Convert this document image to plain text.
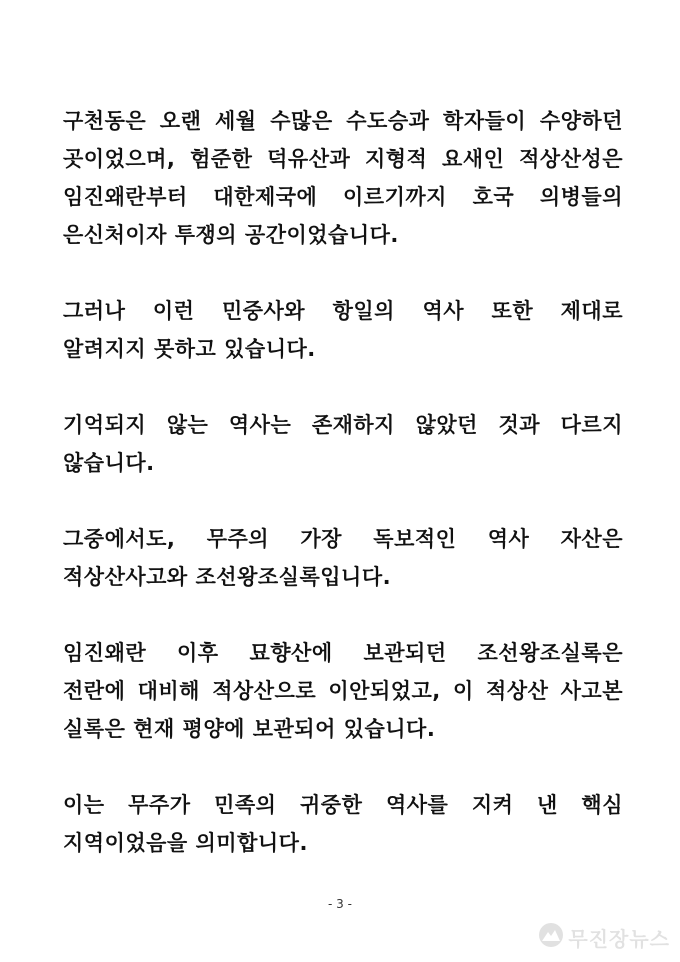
구천동은 오랜 세월 수많은 수도승과 학자들이 수양하던
곳이었으며, 험준한 덕유산과 지형적 요새인 적상산성은
임진왜란부터 대한제국에 이르기까지 호국 의병들의
은신처이자 투쟁의 공간이었습니다.
그러나 이런 민중사와 항일의 역사 또한 제대로
알려지지 못하고 있습니다.
기억되지 않는 역사는 존재하지 않았던 것과 다르지
않습니다.
그중에서도, 무주의 가장 독보적인 역사 자산은
적상산사고와 조선왕조실록입니다.
임진왜란 이후 묘향산에 보관되던 조선왕조실록은
전란에 대비해 적상산으로 이안되었고, 이 적상산 사고본
실록은 현재 평양에 보관되어 있습니다.
이는 무주가 민족의 귀중한 역사를 지켜 낸 핵심
지역이었음을 의미합니다.
- 3 -
무진장뉴스
